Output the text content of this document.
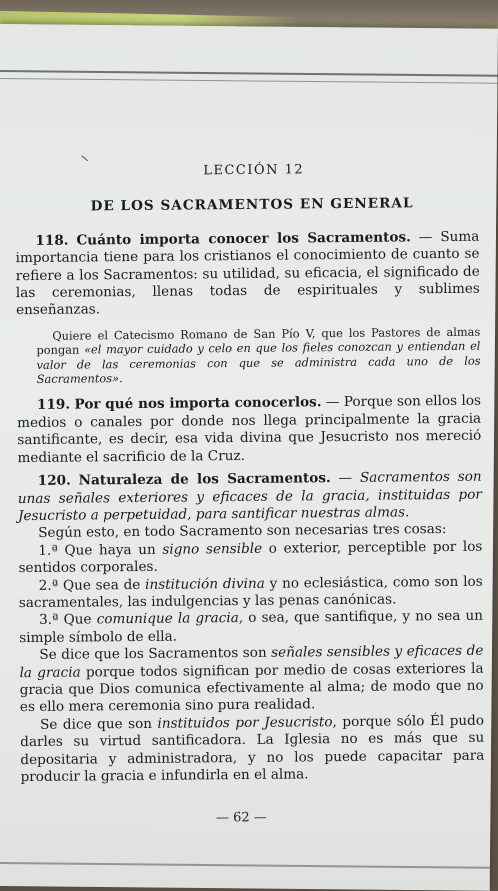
LECCIÓN 12
DE LOS SACRAMENTOS EN GENERAL

118. Cuánto importa conocer los Sacramentos. — Suma importancia tiene para los cristianos el conocimiento de cuanto se refiere a los Sacramentos: su utilidad, su eficacia, el significado de las ceremonias, llenas todas de espirituales y sublimes enseñanzas.

Quiere el Catecismo Romano de San Pío V, que los Pastores de almas pongan «el mayor cuidado y celo en que los fieles conozcan y entiendan el valor de las ceremonias con que se administra cada uno de los Sacramentos».

119. Por qué nos importa conocerlos. — Porque son ellos los medios o canales por donde nos llega principalmente la gracia santificante, es decir, esa vida divina que Jesucristo nos mereció mediante el sacrificio de la Cruz.

120. Naturaleza de los Sacramentos. — Sacramentos son unas señales exteriores y eficaces de la gracia, instituidas por Jesucristo a perpetuidad, para santificar nuestras almas.

Según esto, en todo Sacramento son necesarias tres cosas:

1.ª Que haya un signo sensible o exterior, perceptible por los sentidos corporales.

2.ª Que sea de institución divina y no eclesiástica, como son los sacramentales, las indulgencias y las penas canónicas.

3.ª Que comunique la gracia, o sea, que santifique, y no sea un simple símbolo de ella.

Se dice que los Sacramentos son señales sensibles y eficaces de la gracia porque todos significan por medio de cosas exteriores la gracia que Dios comunica efectivamente al alma; de modo que no es ello mera ceremonia sino pura realidad.

Se dice que son instituidos por Jesucristo, porque sólo Él pudo darles su virtud santificadora. La Iglesia no es más que su depositaria y administradora, y no los puede capacitar para producir la gracia e infundirla en el alma.

— 62 —
